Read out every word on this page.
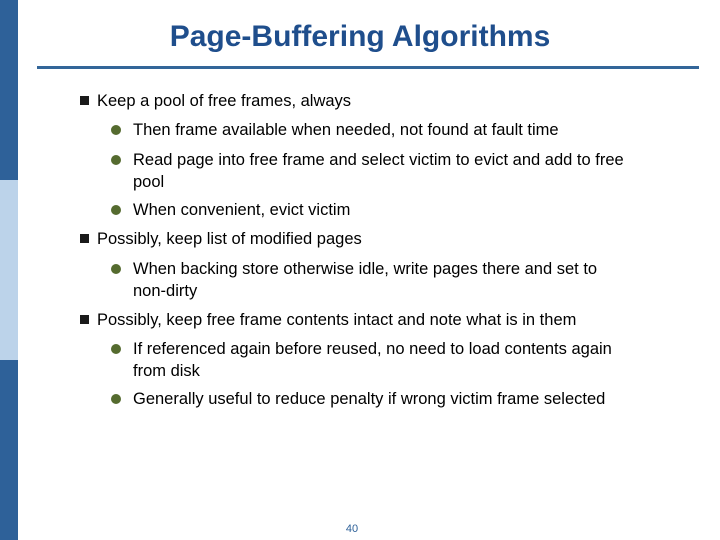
Page-Buffering Algorithms
Keep a pool of free frames, always
Then frame available when needed, not found at fault time
Read page into free frame and select victim to evict and add to free pool
When convenient, evict victim
Possibly, keep list of modified pages
When backing store otherwise idle, write pages there and set to non-dirty
Possibly, keep free frame contents intact and note what is in them
If referenced again before reused, no need to load contents again from disk
Generally useful to reduce penalty if wrong victim frame selected
40
